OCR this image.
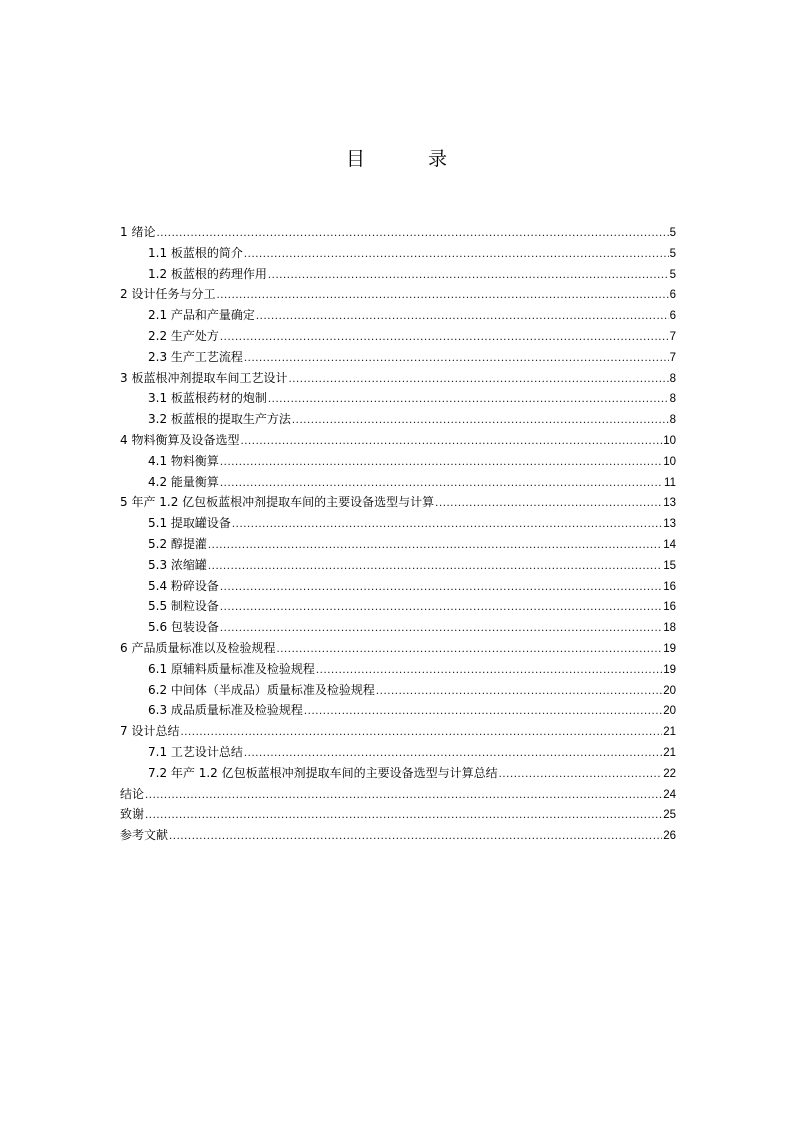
目　录
1 绪论 .....	5
1.1 板蓝根的简介 .....	5
1.2 板蓝根的药理作用 .....	5
2 设计任务与分工 .....	6
2.1 产品和产量确定 .....	6
2.2 生产处方 .....	7
2.3 生产工艺流程 .....	7
3 板蓝根冲剂提取车间工艺设计 .....	8
3.1 板蓝根药材的炮制 .....	8
3.2 板蓝根的提取生产方法 .....	8
4 物料衡算及设备选型 .....	10
4.1 物料衡算 .....	10
4.2 能量衡算 .....	11
5 年产 1.2 亿包板蓝根冲剂提取车间的主要设备选型与计算 .....	13
5.1 提取罐设备 .....	13
5.2 醇提灌 .....	14
5.3 浓缩罐 .....	15
5.4 粉碎设备 .....	16
5.5 制粒设备 .....	16
5.6 包装设备 .....	18
6 产品质量标准以及检验规程 .....	19
6.1 原辅料质量标准及检验规程 .....	19
6.2 中间体（半成品）质量标准及检验规程 .....	20
6.3 成品质量标准及检验规程 .....	20
7 设计总结 .....	21
7.1 工艺设计总结 .....	21
7.2 年产 1.2 亿包板蓝根冲剂提取车间的主要设备选型与计算总结 .....	22
结论 .....	24
致谢 .....	25
参考文献 .....	26
